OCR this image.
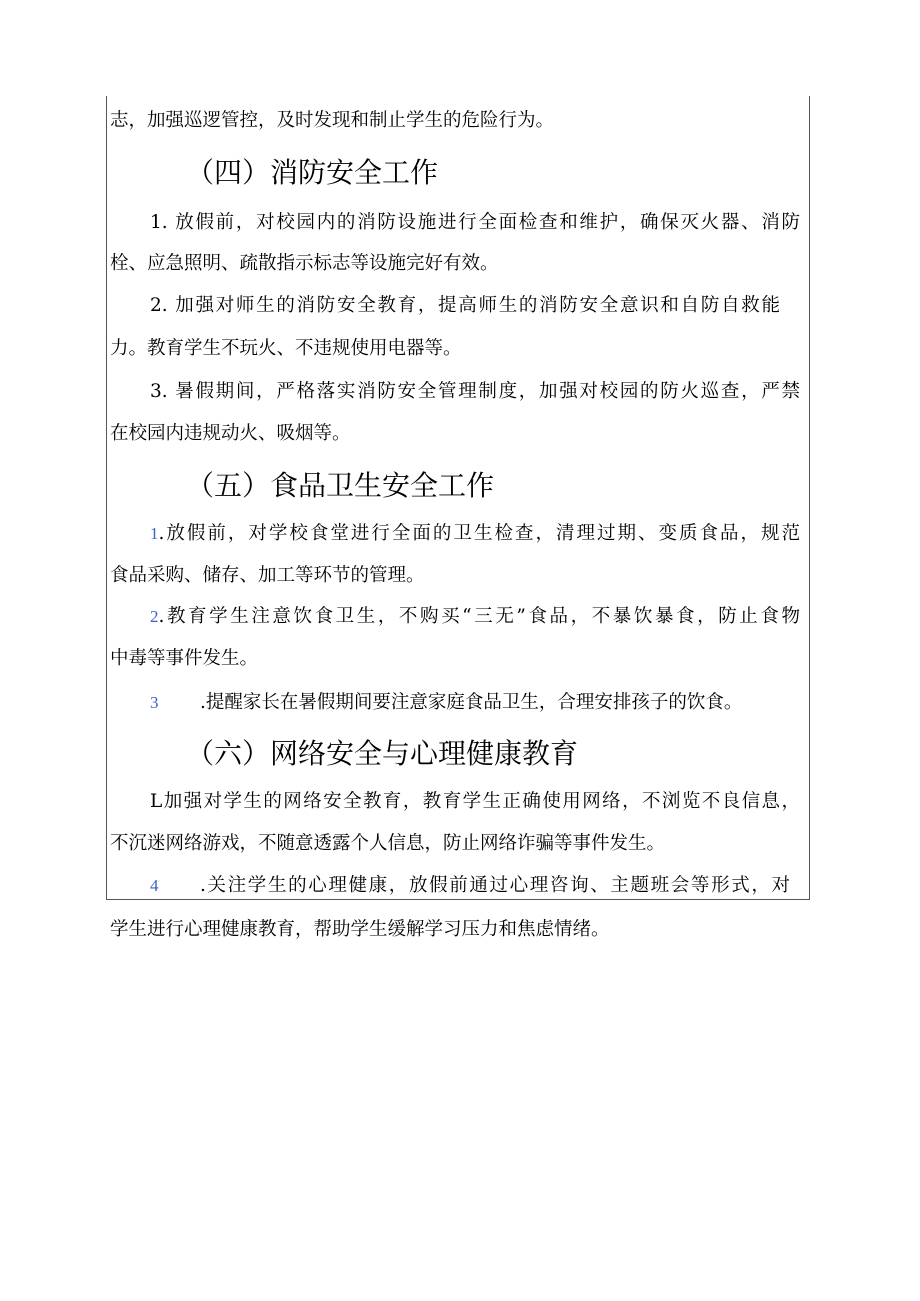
志，加强巡逻管控，及时发现和制止学生的危险行为。
（四）消防安全工作
1. 放假前，对校园内的消防设施进行全面检查和维护，确保灭火器、消防
栓、应急照明、疏散指示标志等设施完好有效。
2. 加强对师生的消防安全教育，提高师生的消防安全意识和自防自救能
力。教育学生不玩火、不违规使用电器等。
3. 暑假期间，严格落实消防安全管理制度，加强对校园的防火巡查，严禁
在校园内违规动火、吸烟等。
（五）食品卫生安全工作
1.放假前，对学校食堂进行全面的卫生检查，清理过期、变质食品，规范
食品采购、储存、加工等环节的管理。
2.教育学生注意饮食卫生，不购买“三无”食品，不暴饮暴食，防止食物
中毒等事件发生。
3 .提醒家长在暑假期间要注意家庭食品卫生，合理安排孩子的饮食。
（六）网络安全与心理健康教育
L加强对学生的网络安全教育，教育学生正确使用网络，不浏览不良信息，
不沉迷网络游戏，不随意透露个人信息，防止网络诈骗等事件发生。
4 .关注学生的心理健康，放假前通过心理咨询、主题班会等形式，对
学生进行心理健康教育，帮助学生缓解学习压力和焦虑情绪。
